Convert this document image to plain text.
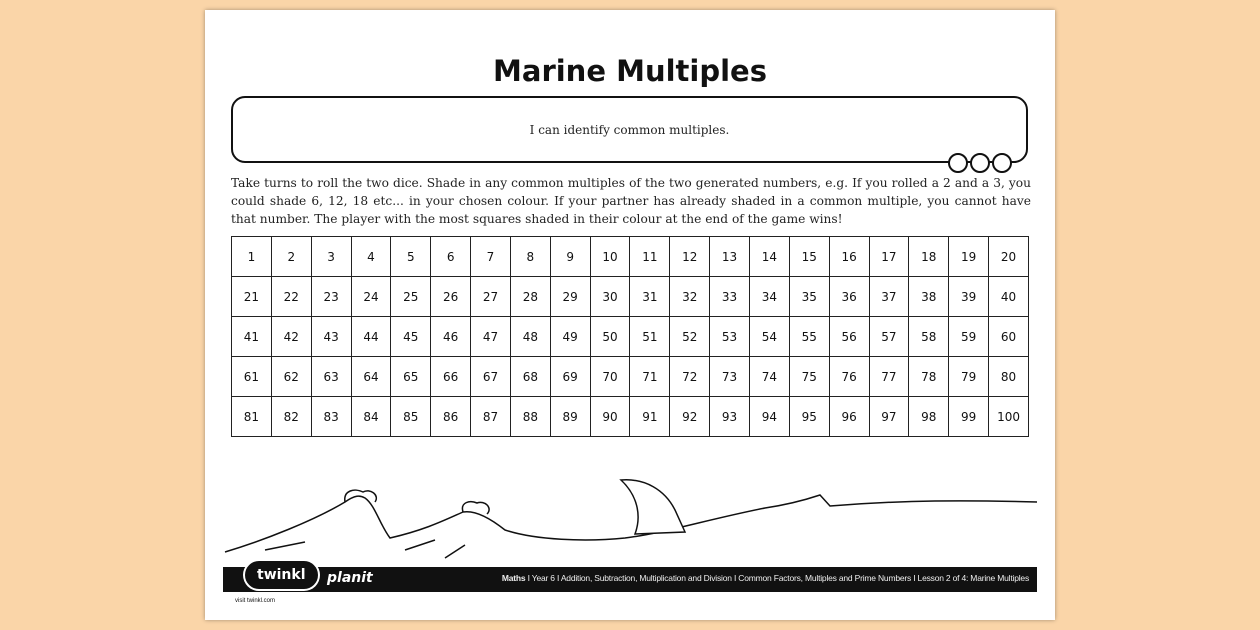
Marine Multiples
I can identify common multiples.
Take turns to roll the two dice. Shade in any common multiples of the two generated numbers, e.g. If you rolled a 2 and a 3, you could shade 6, 12, 18 etc... in your chosen colour. If your partner has already shaded in a common multiple, you cannot have that number. The player with the most squares shaded in their colour at the end of the game wins!
1	2	3	4	5	6	7	8	9	10	11	12	13	14	15	16	17	18	19	20
21	22	23	24	25	26	27	28	29	30	31	32	33	34	35	36	37	38	39	40
41	42	43	44	45	46	47	48	49	50	51	52	53	54	55	56	57	58	59	60
61	62	63	64	65	66	67	68	69	70	71	72	73	74	75	76	77	78	79	80
81	82	83	84	85	86	87	88	89	90	91	92	93	94	95	96	97	98	99	100
twinkl	planit	Maths I Year 6 I Addition, Subtraction, Multiplication and Division I Common Factors, Multiples and Prime Numbers I Lesson 2 of 4: Marine Multiples
visit twinkl.com
